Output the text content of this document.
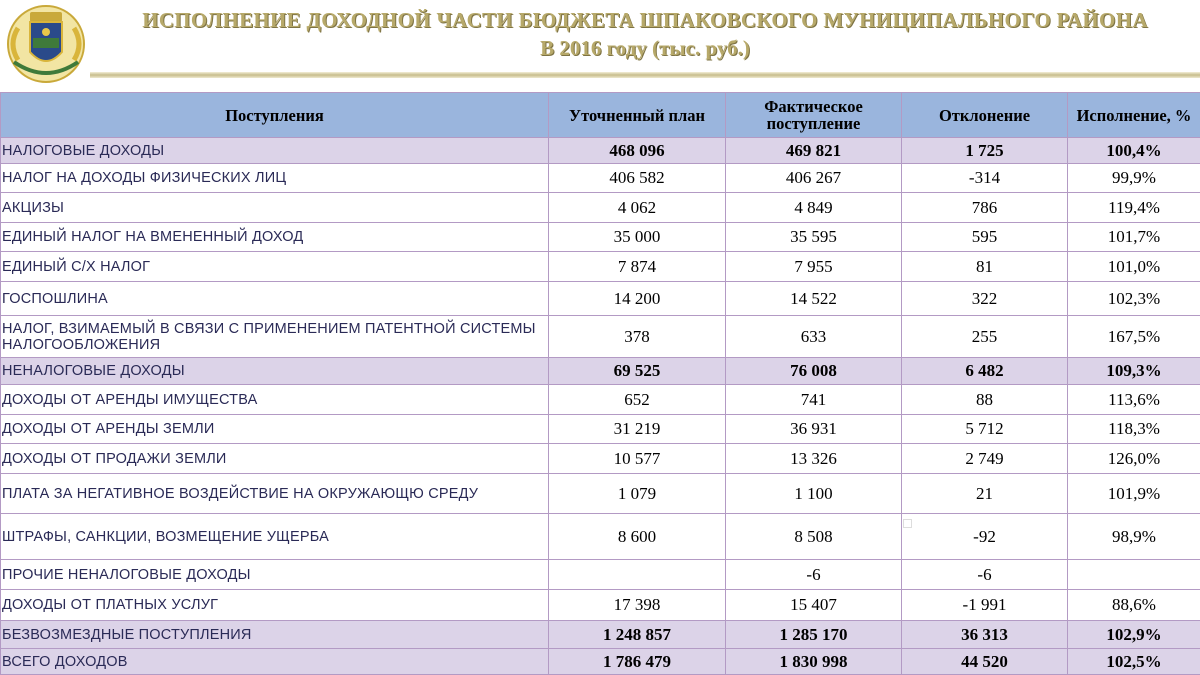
ИСПОЛНЕНИЕ ДОХОДНОЙ ЧАСТИ БЮДЖЕТА ШПАКОВСКОГО МУНИЦИПАЛЬНОГО РАЙОНА
В 2016 году (тыс. руб.)
Поступления	Уточненный план	Фактическое поступление	Отклонение	Исполнение, %
НАЛОГОВЫЕ ДОХОДЫ	468 096	469 821	1 725	100,4%
НАЛОГ НА ДОХОДЫ ФИЗИЧЕСКИХ ЛИЦ	406 582	406 267	-314	99,9%
АКЦИЗЫ	4 062	4 849	786	119,4%
ЕДИНЫЙ НАЛОГ НА ВМЕНЕННЫЙ ДОХОД	35 000	35 595	595	101,7%
ЕДИНЫЙ С/Х НАЛОГ	7 874	7 955	81	101,0%
ГОСПОШЛИНА	14 200	14 522	322	102,3%
НАЛОГ, ВЗИМАЕМЫЙ В СВЯЗИ С ПРИМЕНЕНИЕМ ПАТЕНТНОЙ СИСТЕМЫ НАЛОГООБЛОЖЕНИЯ	378	633	255	167,5%
НЕНАЛОГОВЫЕ ДОХОДЫ	69 525	76 008	6 482	109,3%
ДОХОДЫ ОТ АРЕНДЫ ИМУЩЕСТВА	652	741	88	113,6%
ДОХОДЫ ОТ АРЕНДЫ ЗЕМЛИ	31 219	36 931	5 712	118,3%
ДОХОДЫ ОТ ПРОДАЖИ ЗЕМЛИ	10 577	13 326	2 749	126,0%
ПЛАТА ЗА НЕГАТИВНОЕ ВОЗДЕЙСТВИЕ НА ОКРУЖАЮЩЮ СРЕДУ	1 079	1 100	21	101,9%
ШТРАФЫ, САНКЦИИ, ВОЗМЕЩЕНИЕ УЩЕРБА	8 600	8 508	-92	98,9%
ПРОЧИЕ НЕНАЛОГОВЫЕ ДОХОДЫ		-6	-6	
ДОХОДЫ ОТ ПЛАТНЫХ УСЛУГ	17 398	15 407	-1 991	88,6%
БЕЗВОЗМЕЗДНЫЕ ПОСТУПЛЕНИЯ	1 248 857	1 285 170	36 313	102,9%
ВСЕГО ДОХОДОВ	1 786 479	1 830 998	44 520	102,5%
